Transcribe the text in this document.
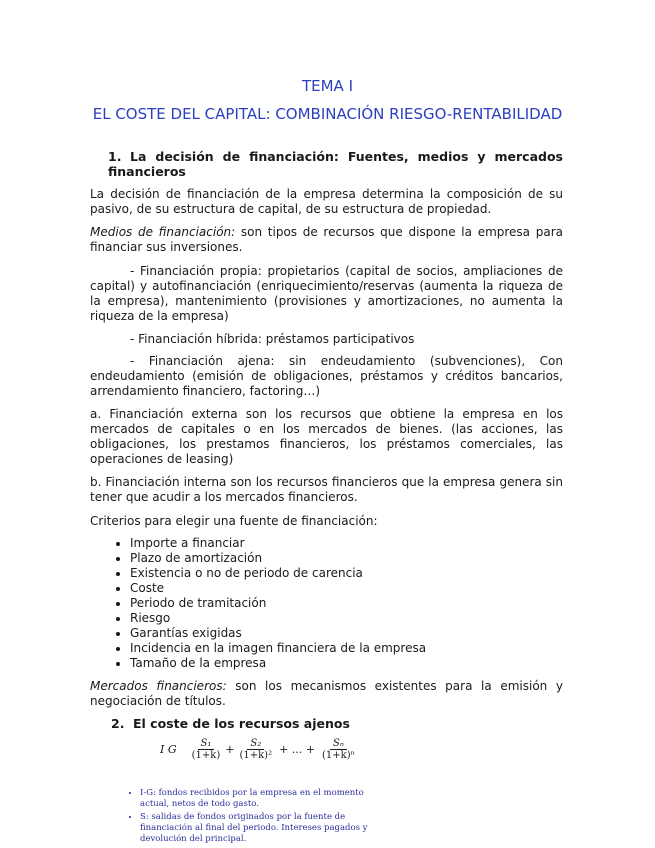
TEMA I
EL COSTE DEL CAPITAL: COMBINACIÓN RIESGO-RENTABILIDAD
1. La decisión de financiación: Fuentes, medios y mercados financieros

La decisión de financiación de la empresa determina la composición de su pasivo, de su estructura de capital, de su estructura de propiedad.

Medios de financiación: son tipos de recursos que dispone la empresa para financiar sus inversiones.

- Financiación propia: propietarios (capital de socios, ampliaciones de capital) y autofinanciación (enriquecimiento/reservas (aumenta la riqueza de la empresa), mantenimiento (provisiones y amortizaciones, no aumenta la riqueza de la empresa)

- Financiación híbrida: préstamos participativos

- Financiación ajena: sin endeudamiento (subvenciones), Con endeudamiento (emisión de obligaciones, préstamos y créditos bancarios, arrendamiento financiero, factoring…)

a. Financiación externa son los recursos que obtiene la empresa en los mercados de capitales o en los mercados de bienes. (las acciones, las obligaciones, los prestamos financieros, los préstamos comerciales, las operaciones de leasing)

b. Financiación interna son los recursos financieros que la empresa genera sin tener que acudir a los mercados financieros.

Criterios para elegir una fuente de financiación:

• Importe a financiar
• Plazo de amortización
• Existencia o no de periodo de carencia
• Coste
• Periodo de tramitación
• Riesgo
• Garantías exigidas
• Incidencia en la imagen financiera de la empresa
• Tamaño de la empresa

Mercados financieros: son los mecanismos existentes para la emisión y negociación de títulos.

2. El coste de los recursos ajenos
I G $\frac{\text{S₁}}{(1+k)} + \frac{\text{S₂}}{\text{(1+k)²}}$ + ... + $\frac{\text{Sₙ}}{\text{(1+k)ⁿ}}$
• I-G: fondos recibidos por la empresa en el momento actual, netos de todo gasto.
• S: salidas de fondos originados por la fuente de financiación al final del periodo. Intereses pagados y devolución del principal.
